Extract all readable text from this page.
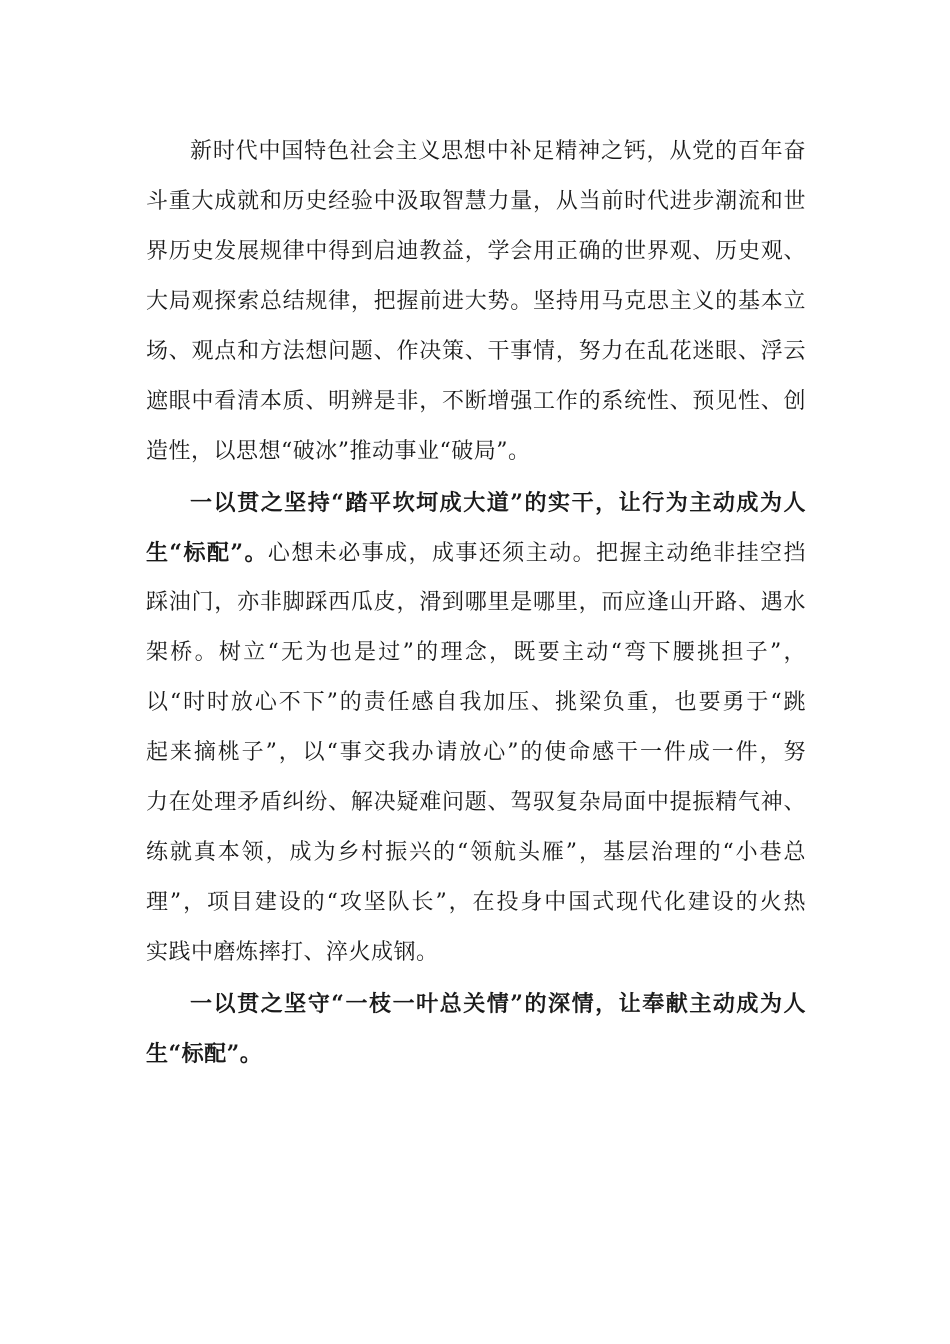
新时代中国特色社会主义思想中补足精神之钙，从党的百年奋
斗重大成就和历史经验中汲取智慧力量，从当前时代进步潮流和世
界历史发展规律中得到启迪教益，学会用正确的世界观、历史观、
大局观探索总结规律，把握前进大势。坚持用马克思主义的基本立
场、观点和方法想问题、作决策、干事情，努力在乱花迷眼、浮云
遮眼中看清本质、明辨是非，不断增强工作的系统性、预见性、创
造性，以思想“破冰”推动事业“破局”。
一以贯之坚持“踏平坎坷成大道”的实干，让行为主动成为人
生“标配”。心想未必事成，成事还须主动。把握主动绝非挂空挡
踩油门，亦非脚踩西瓜皮，滑到哪里是哪里，而应逢山开路、遇水
架桥。树立“无为也是过”的理念，既要主动“弯下腰挑担子”，
以“时时放心不下”的责任感自我加压、挑梁负重，也要勇于“跳
起来摘桃子”，以“事交我办请放心”的使命感干一件成一件，努
力在处理矛盾纠纷、解决疑难问题、驾驭复杂局面中提振精气神、
练就真本领，成为乡村振兴的“领航头雁”，基层治理的“小巷总
理”，项目建设的“攻坚队长”，在投身中国式现代化建设的火热
实践中磨炼摔打、淬火成钢。
一以贯之坚守“一枝一叶总关情”的深情，让奉献主动成为人
生“标配”。
